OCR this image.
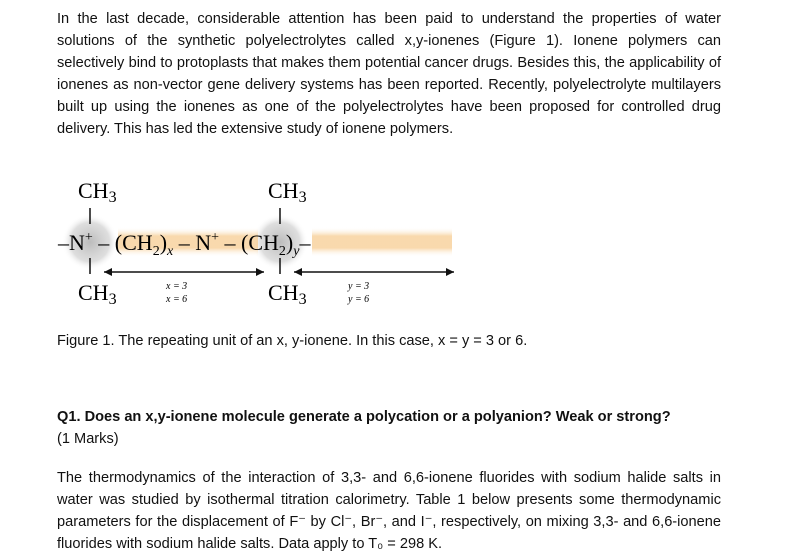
In the last decade, considerable attention has been paid to understand the properties of water solutions of the synthetic polyelectrolytes called x,y-ionenes (Figure 1). Ionene polymers can selectively bind to protoplasts that makes them potential cancer drugs. Besides this, the applicability of ionenes as non-vector gene delivery systems has been reported. Recently, polyelectrolyte multilayers built up using the ionenes as one of the polyelectrolytes have been proposed for controlled drug delivery. This has led the extensive study of ionene polymers.

CH3	CH3
$-N^+ - (CH_2)_x - N^+ - (CH_2)_y-$
x = 3
x = 6
y = 3
y = 6
CH3	CH3

Figure 1. The repeating unit of an x, y-ionene. In this case, x = y = 3 or 6.

Q1. Does an x,y-ionene molecule generate a polycation or a polyanion? Weak or strong?

(1 Marks)

The thermodynamics of the interaction of 3,3- and 6,6-ionene fluorides with sodium halide salts in water was studied by isothermal titration calorimetry. Table 1 below presents some thermodynamic parameters for the displacement of F⁻ by Cl⁻, Br⁻, and I⁻, respectively, on mixing 3,3- and 6,6-ionene fluorides with sodium halide salts. Data apply to T₀ = 298 K.
